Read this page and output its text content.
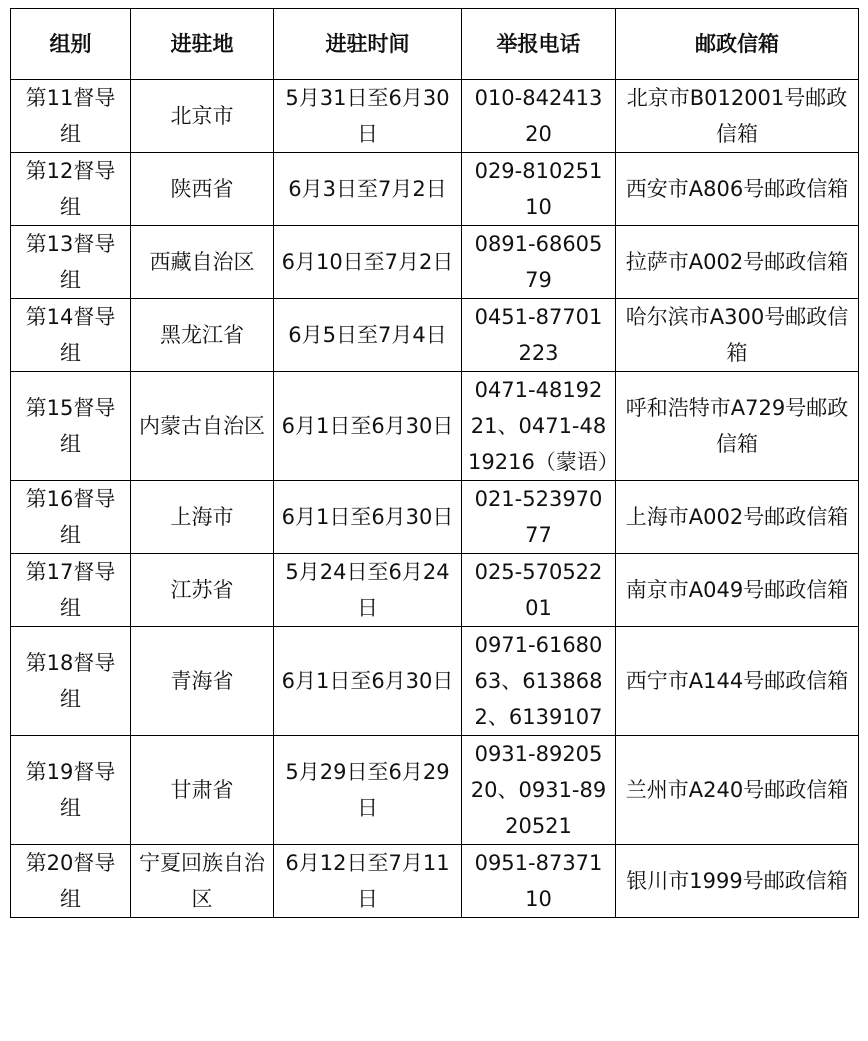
组别	进驻地	进驻时间	举报电话	邮政信箱
第11督导组	北京市	5月31日至6月30日	010-84241320	北京市B012001号邮政信箱
第12督导组	陕西省	6月3日至7月2日	029-81025110	西安市A806号邮政信箱
第13督导组	西藏自治区	6月10日至7月2日	0891-6860579	拉萨市A002号邮政信箱
第14督导组	黑龙江省	6月5日至7月4日	0451-87701223	哈尔滨市A300号邮政信箱
第15督导组	内蒙古自治区	6月1日至6月30日	0471-4819221、0471-4819216（蒙语）	呼和浩特市A729号邮政信箱
第16督导组	上海市	6月1日至6月30日	021-52397077	上海市A002号邮政信箱
第17督导组	江苏省	5月24日至6月24日	025-57052201	南京市A049号邮政信箱
第18督导组	青海省	6月1日至6月30日	0971-6168063、6138682、6139107	西宁市A144号邮政信箱
第19督导组	甘肃省	5月29日至6月29日	0931-8920520、0931-8920521	兰州市A240号邮政信箱
第20督导组	宁夏回族自治区	6月12日至7月11日	0951-8737110	银川市1999号邮政信箱
